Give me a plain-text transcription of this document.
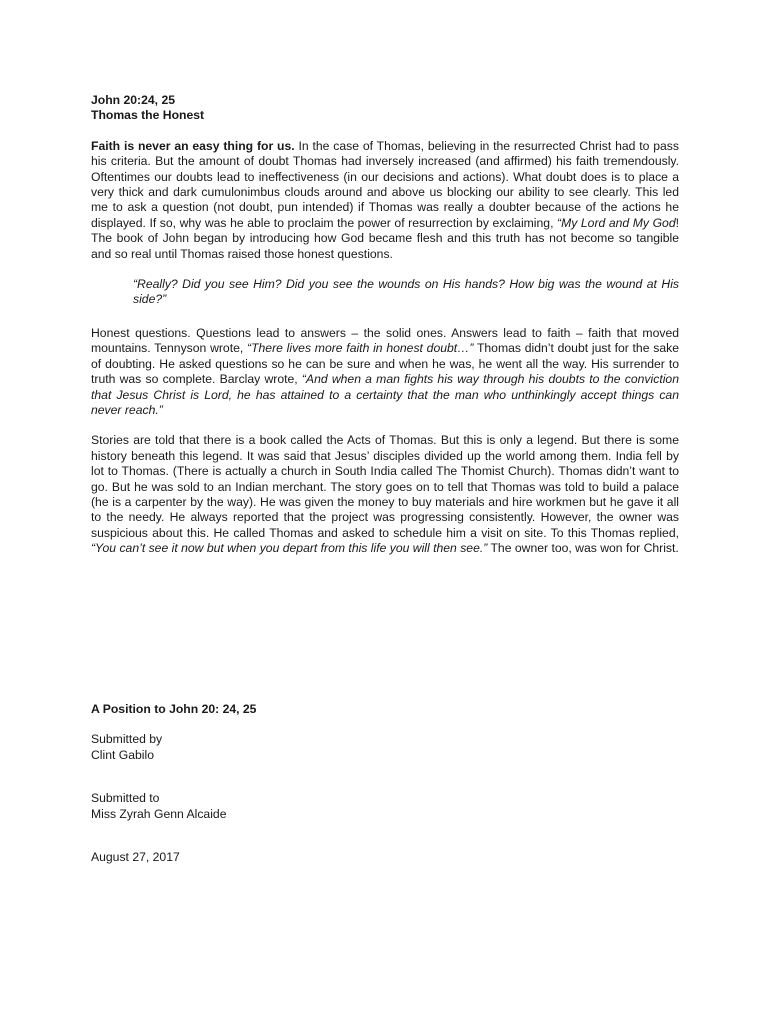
John 20:24, 25

Thomas the Honest

Faith is never an easy thing for us. In the case of Thomas, believing in the resurrected Christ had to pass his criteria. But the amount of doubt Thomas had inversely increased (and affirmed) his faith tremendously. Oftentimes our doubts lead to ineffectiveness (in our decisions and actions). What doubt does is to place a very thick and dark cumulonimbus clouds around and above us blocking our ability to see clearly. This led me to ask a question (not doubt, pun intended) if Thomas was really a doubter because of the actions he displayed. If so, why was he able to proclaim the power of resurrection by exclaiming, “My Lord and My God! The book of John began by introducing how God became flesh and this truth has not become so tangible and so real until Thomas raised those honest questions.

“Really? Did you see Him? Did you see the wounds on His hands? How big was the wound at His side?”

Honest questions. Questions lead to answers – the solid ones. Answers lead to faith – faith that moved mountains. Tennyson wrote, “There lives more faith in honest doubt…” Thomas didn’t doubt just for the sake of doubting. He asked questions so he can be sure and when he was, he went all the way. His surrender to truth was so complete. Barclay wrote, “And when a man fights his way through his doubts to the conviction that Jesus Christ is Lord, he has attained to a certainty that the man who unthinkingly accept things can never reach.”

Stories are told that there is a book called the Acts of Thomas. But this is only a legend. But there is some history beneath this legend. It was said that Jesus’ disciples divided up the world among them. India fell by lot to Thomas. (There is actually a church in South India called The Thomist Church). Thomas didn’t want to go. But he was sold to an Indian merchant. The story goes on to tell that Thomas was told to build a palace (he is a carpenter by the way). He was given the money to buy materials and hire workmen but he gave it all to the needy. He always reported that the project was progressing consistently. However, the owner was suspicious about this. He called Thomas and asked to schedule him a visit on site. To this Thomas replied, “You can’t see it now but when you depart from this life you will then see.” The owner too, was won for Christ.

A Position to John 20: 24, 25

Submitted by

Clint Gabilo

Submitted to

Miss Zyrah Genn Alcaide

August 27, 2017
